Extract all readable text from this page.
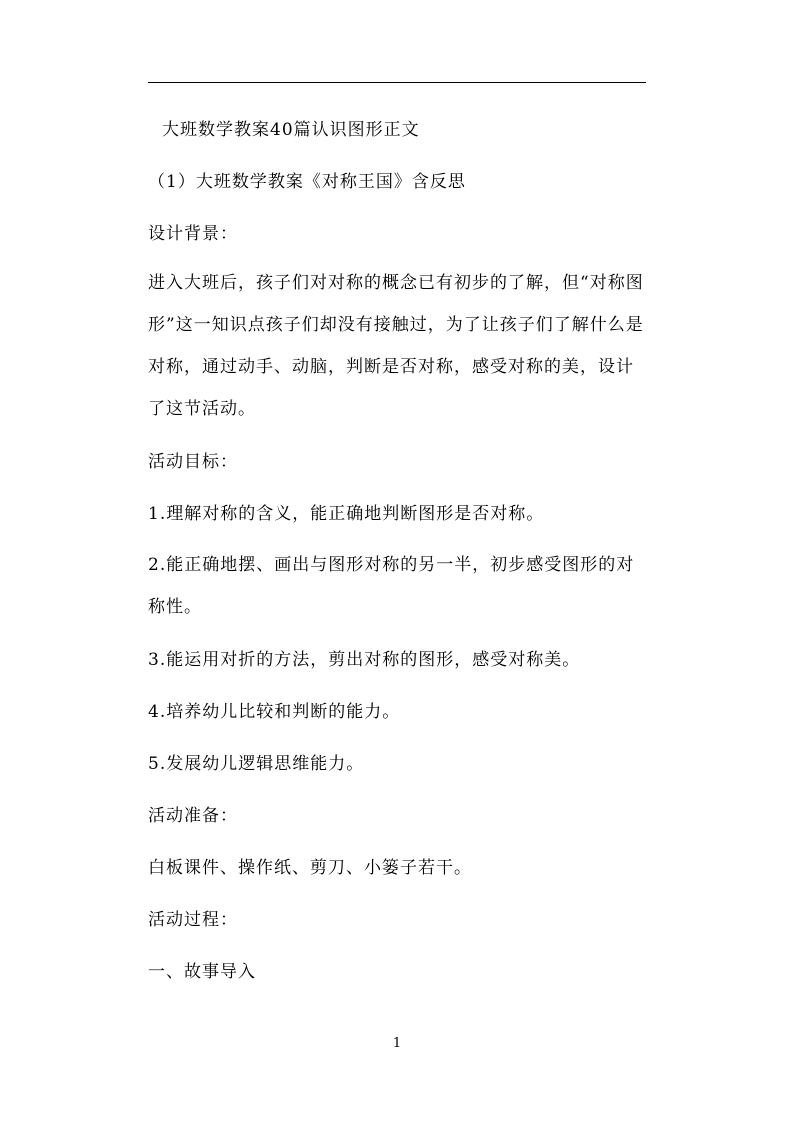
大班数学教案40篇认识图形正文
（1）大班数学教案《对称王国》含反思
设计背景：
进入大班后，孩子们对对称的概念已有初步的了解，但“对称图形”这一知识点孩子们却没有接触过，为了让孩子们了解什么是对称，通过动手、动脑，判断是否对称，感受对称的美，设计了这节活动。
活动目标：
1.理解对称的含义，能正确地判断图形是否对称。
2.能正确地摆、画出与图形对称的另一半，初步感受图形的对称性。
3.能运用对折的方法，剪出对称的图形，感受对称美。
4.培养幼儿比较和判断的能力。
5.发展幼儿逻辑思维能力。
活动准备：
白板课件、操作纸、剪刀、小篓子若干。
活动过程：
一、故事导入
1
